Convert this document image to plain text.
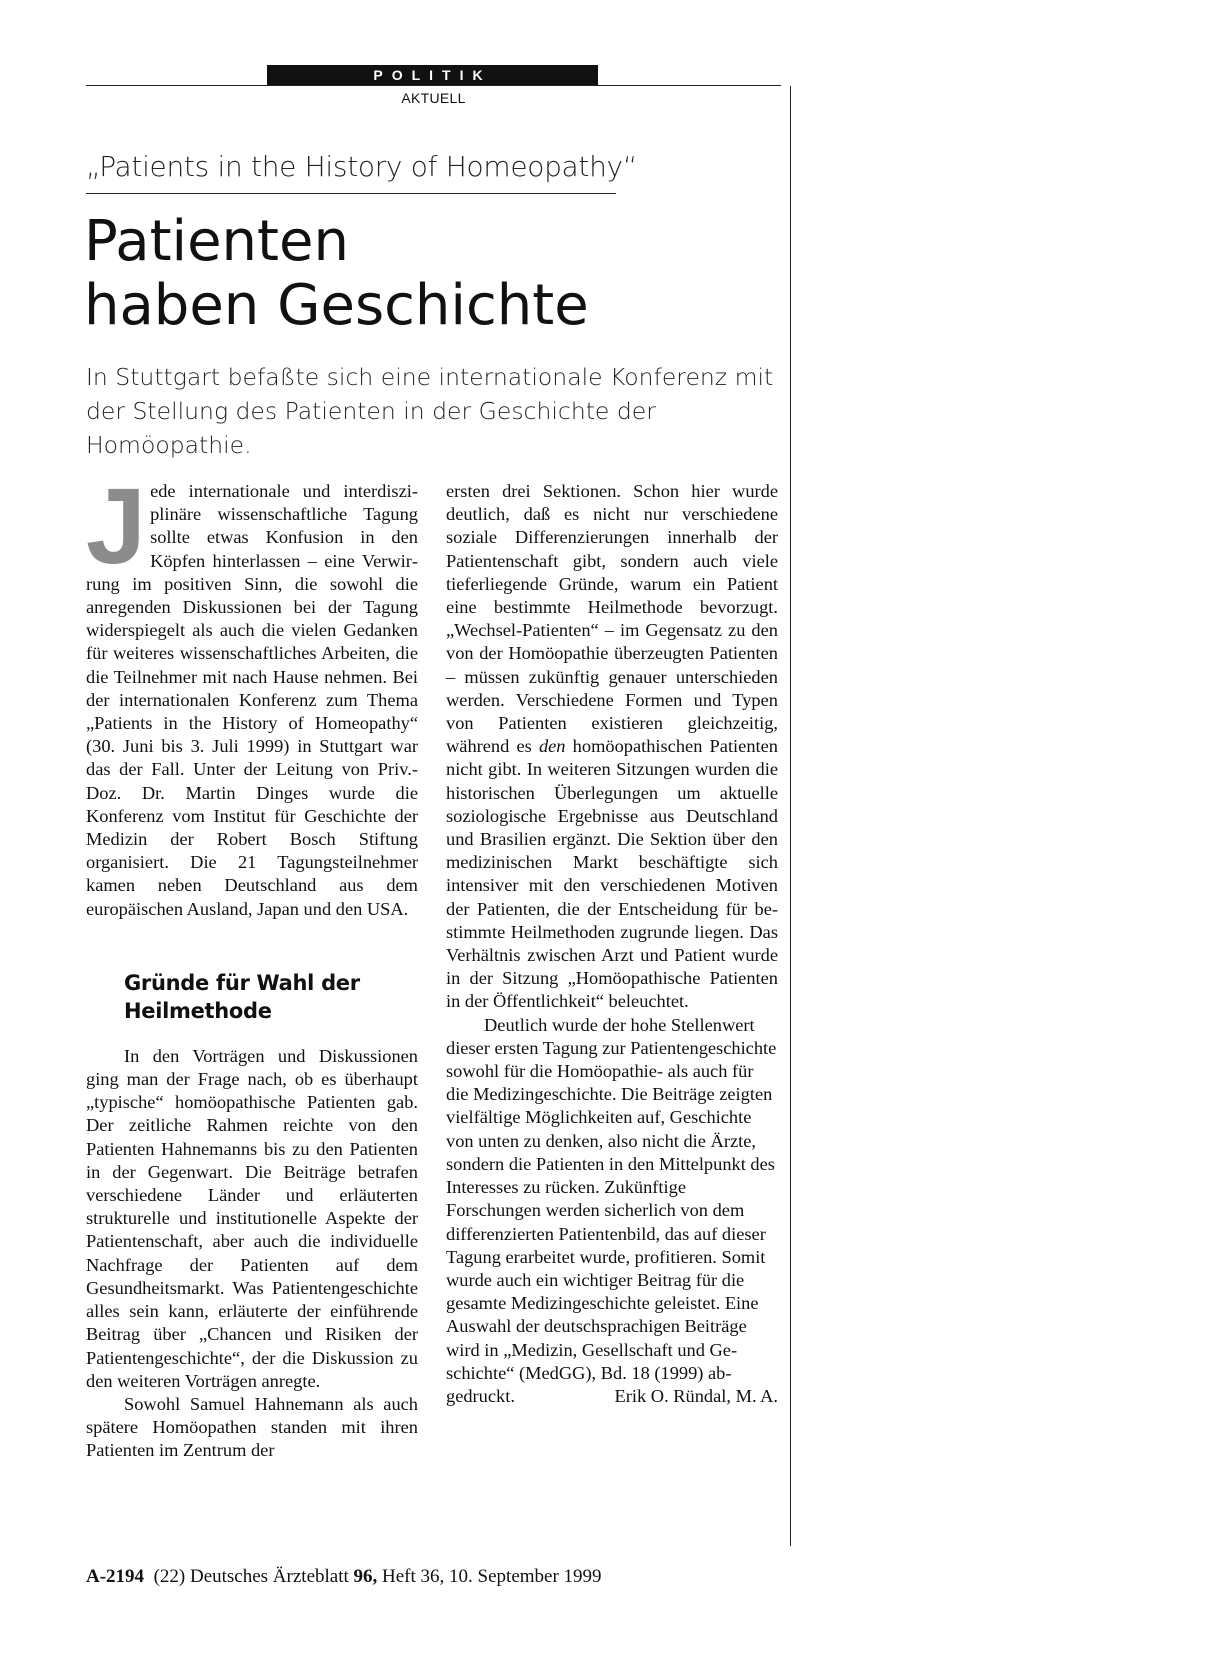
POLITIK
AKTUELL
„Patients in the History of Homeopathy“
Patienten
haben Geschichte
In Stuttgart befaßte sich eine internationale Konferenz mit der Stellung des Patienten in der Geschichte der Homöopathie.

Jede internationale und interdisziplinäre wissenschaftliche Tagung sollte etwas Konfusion in den Köpfen hinterlassen – eine Verwirrung im positiven Sinn, die sowohl die anregenden Diskussionen bei der Tagung widerspiegelt als auch die vielen Gedanken für weiteres wissenschaftliches Arbeiten, die die Teilnehmer mit nach Hause nehmen. Bei der internationalen Konferenz zum Thema „Patients in the History of Homeopathy“ (30. Juni bis 3. Juli 1999) in Stuttgart war das der Fall. Unter der Leitung von Priv.-Doz. Dr. Martin Dinges wurde die Konferenz vom Institut für Geschichte der Medizin der Robert Bosch Stiftung organisiert. Die 21 Tagungsteilnehmer kamen neben Deutschland aus dem europäischen Ausland, Japan und den USA.

Gründe für Wahl der Heilmethode

In den Vorträgen und Diskussionen ging man der Frage nach, ob es überhaupt „typische“ homöopathische Patienten gab. Der zeitliche Rahmen reichte von den Patienten Hahnemanns bis zu den Patienten in der Gegenwart. Die Beiträge betrafen verschiedene Länder und erläuterten strukturelle und institutionelle Aspekte der Patientenschaft, aber auch die individuelle Nachfrage der Patienten auf dem Gesundheitsmarkt. Was Patientengeschichte alles sein kann, erläuterte der einführende Beitrag über „Chancen und Risiken der Patientengeschichte“, der die Diskussion zu den weiteren Vorträgen anregte.

Sowohl Samuel Hahnemann als auch spätere Homöopathen standen mit ihren Patienten im Zentrum der

ersten drei Sektionen. Schon hier wurde deutlich, daß es nicht nur verschiedene soziale Differenzierungen innerhalb der Patientenschaft gibt, sondern auch viele tieferliegende Gründe, warum ein Patient eine bestimmte Heilmethode bevorzugt. „Wechsel-Patienten“ – im Gegensatz zu den von der Homöopathie überzeugten Patienten – müssen zukünftig genauer unterschieden werden. Verschiedene Formen und Typen von Patienten existieren gleichzeitig, während es den homöopathischen Patienten nicht gibt. In weiteren Sitzungen wurden die historischen Überlegungen um aktuelle soziologische Ergebnisse aus Deutschland und Brasilien ergänzt. Die Sektion über den medizinischen Markt beschäftigte sich intensiver mit den verschiedenen Motiven der Patienten, die der Entscheidung für bestimmte Heilmethoden zugrunde liegen. Das Verhältnis zwischen Arzt und Patient wurde in der Sitzung „Homöopathische Patienten in der Öffentlichkeit“ beleuchtet.

Deutlich wurde der hohe Stellenwert dieser ersten Tagung zur Patientengeschichte sowohl für die Homöopathie- als auch für die Medizingeschichte. Die Beiträge zeigten vielfältige Möglichkeiten auf, Geschichte von unten zu denken, also nicht die Ärzte, sondern die Patienten in den Mittelpunkt des Interesses zu rücken. Zukünftige Forschungen werden sicherlich von dem differenzierten Patientenbild, das auf dieser Tagung erarbeitet wurde, profitieren. Somit wurde auch ein wichtiger Beitrag für die gesamte Medizingeschichte geleistet. Eine Auswahl der deutschsprachigen Beiträge wird in „Medizin, Gesellschaft und Geschichte“ (MedGG), Bd. 18 (1999) abgedruckt.	Erik O. Ründal, M. A.

A-2194 (22) Deutsches Ärzteblatt 96, Heft 36, 10. September 1999
